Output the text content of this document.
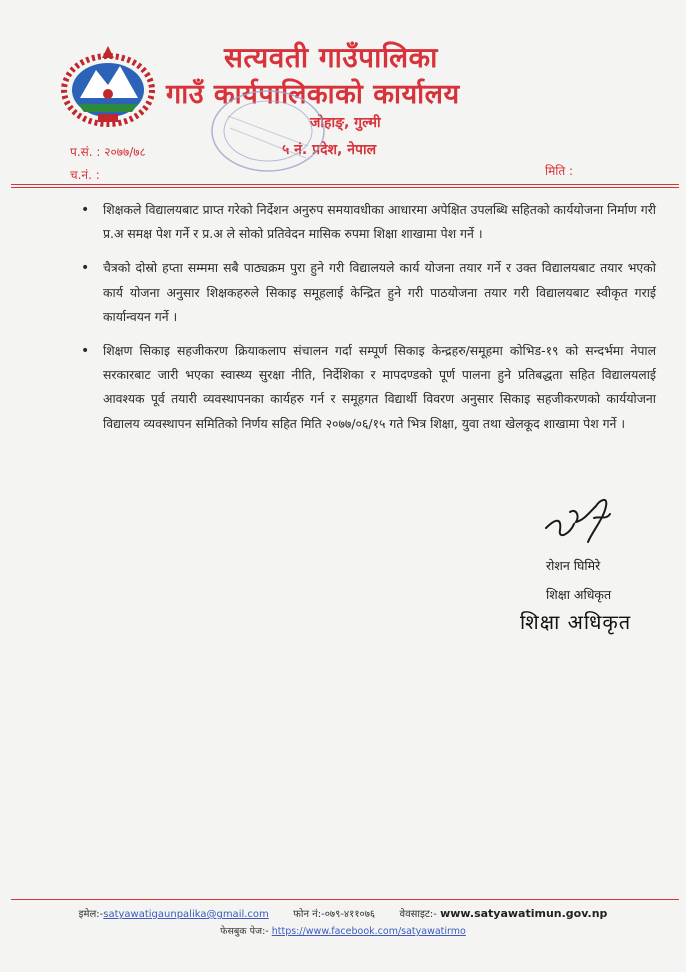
सत्यवती गाउँपालिका
गाउँ कार्यपालिकाको कार्यालय
जोहाङ्, गुल्मी
५ नं. प्रदेश, नेपाल
प.सं. : २०७७/७८
च.नं. :	मिति :
• शिक्षकले विद्यालयबाट प्राप्त गरेको निर्देशन अनुरुप समयावधीका आधारमा अपेक्षित उपलब्धि सहितको कार्ययोजना निर्माण गरी प्र.अ समक्ष पेश गर्ने र प्र.अ ले सोको प्रतिवेदन मासिक रुपमा शिक्षा शाखामा पेश गर्ने ।
• चैत्रको दोस्रो हप्ता सम्ममा सबै पाठ्यक्रम पुरा हुने गरी विद्यालयले कार्य योजना तयार गर्ने र उक्त विद्यालयबाट तयार भएको कार्य योजना अनुसार शिक्षकहरुले सिकाइ समूहलाई केन्द्रित हुने गरी पाठयोजना तयार गरी विद्यालयबाट स्वीकृत गराई कार्यान्वयन गर्ने ।
• शिक्षण सिकाइ सहजीकरण क्रियाकलाप संचालन गर्दा सम्पूर्ण सिकाइ केन्द्रहरु/समूहमा कोभिड-१९ को सन्दर्भमा नेपाल सरकारबाट जारी भएका स्वास्थ्य सुरक्षा नीति, निर्देशिका र मापदण्डको पूर्ण पालना हुने प्रतिबद्धता सहित विद्यालयलाई आवश्यक पूर्व तयारी व्यवस्थापनका कार्यहरु गर्न र समूहगत विद्यार्थी विवरण अनुसार सिकाइ सहजीकरणको कार्ययोजना विद्यालय व्यवस्थापन समितिको निर्णय सहित मिति २०७७/०६/१५ गते भित्र शिक्षा, युवा तथा खेलकूद शाखामा पेश गर्ने ।
रोशन घिमिरे
शिक्षा अधिकृत
शिक्षा अधिकृत
इमेल:-satyawatigaunpalika@gmail.com फोन नं:-०७९-४११०७६ वेवसाइट:- www.satyawatimun.gov.np
फेसबुक पेज:- https://www.facebook.com/satyawatirmo
